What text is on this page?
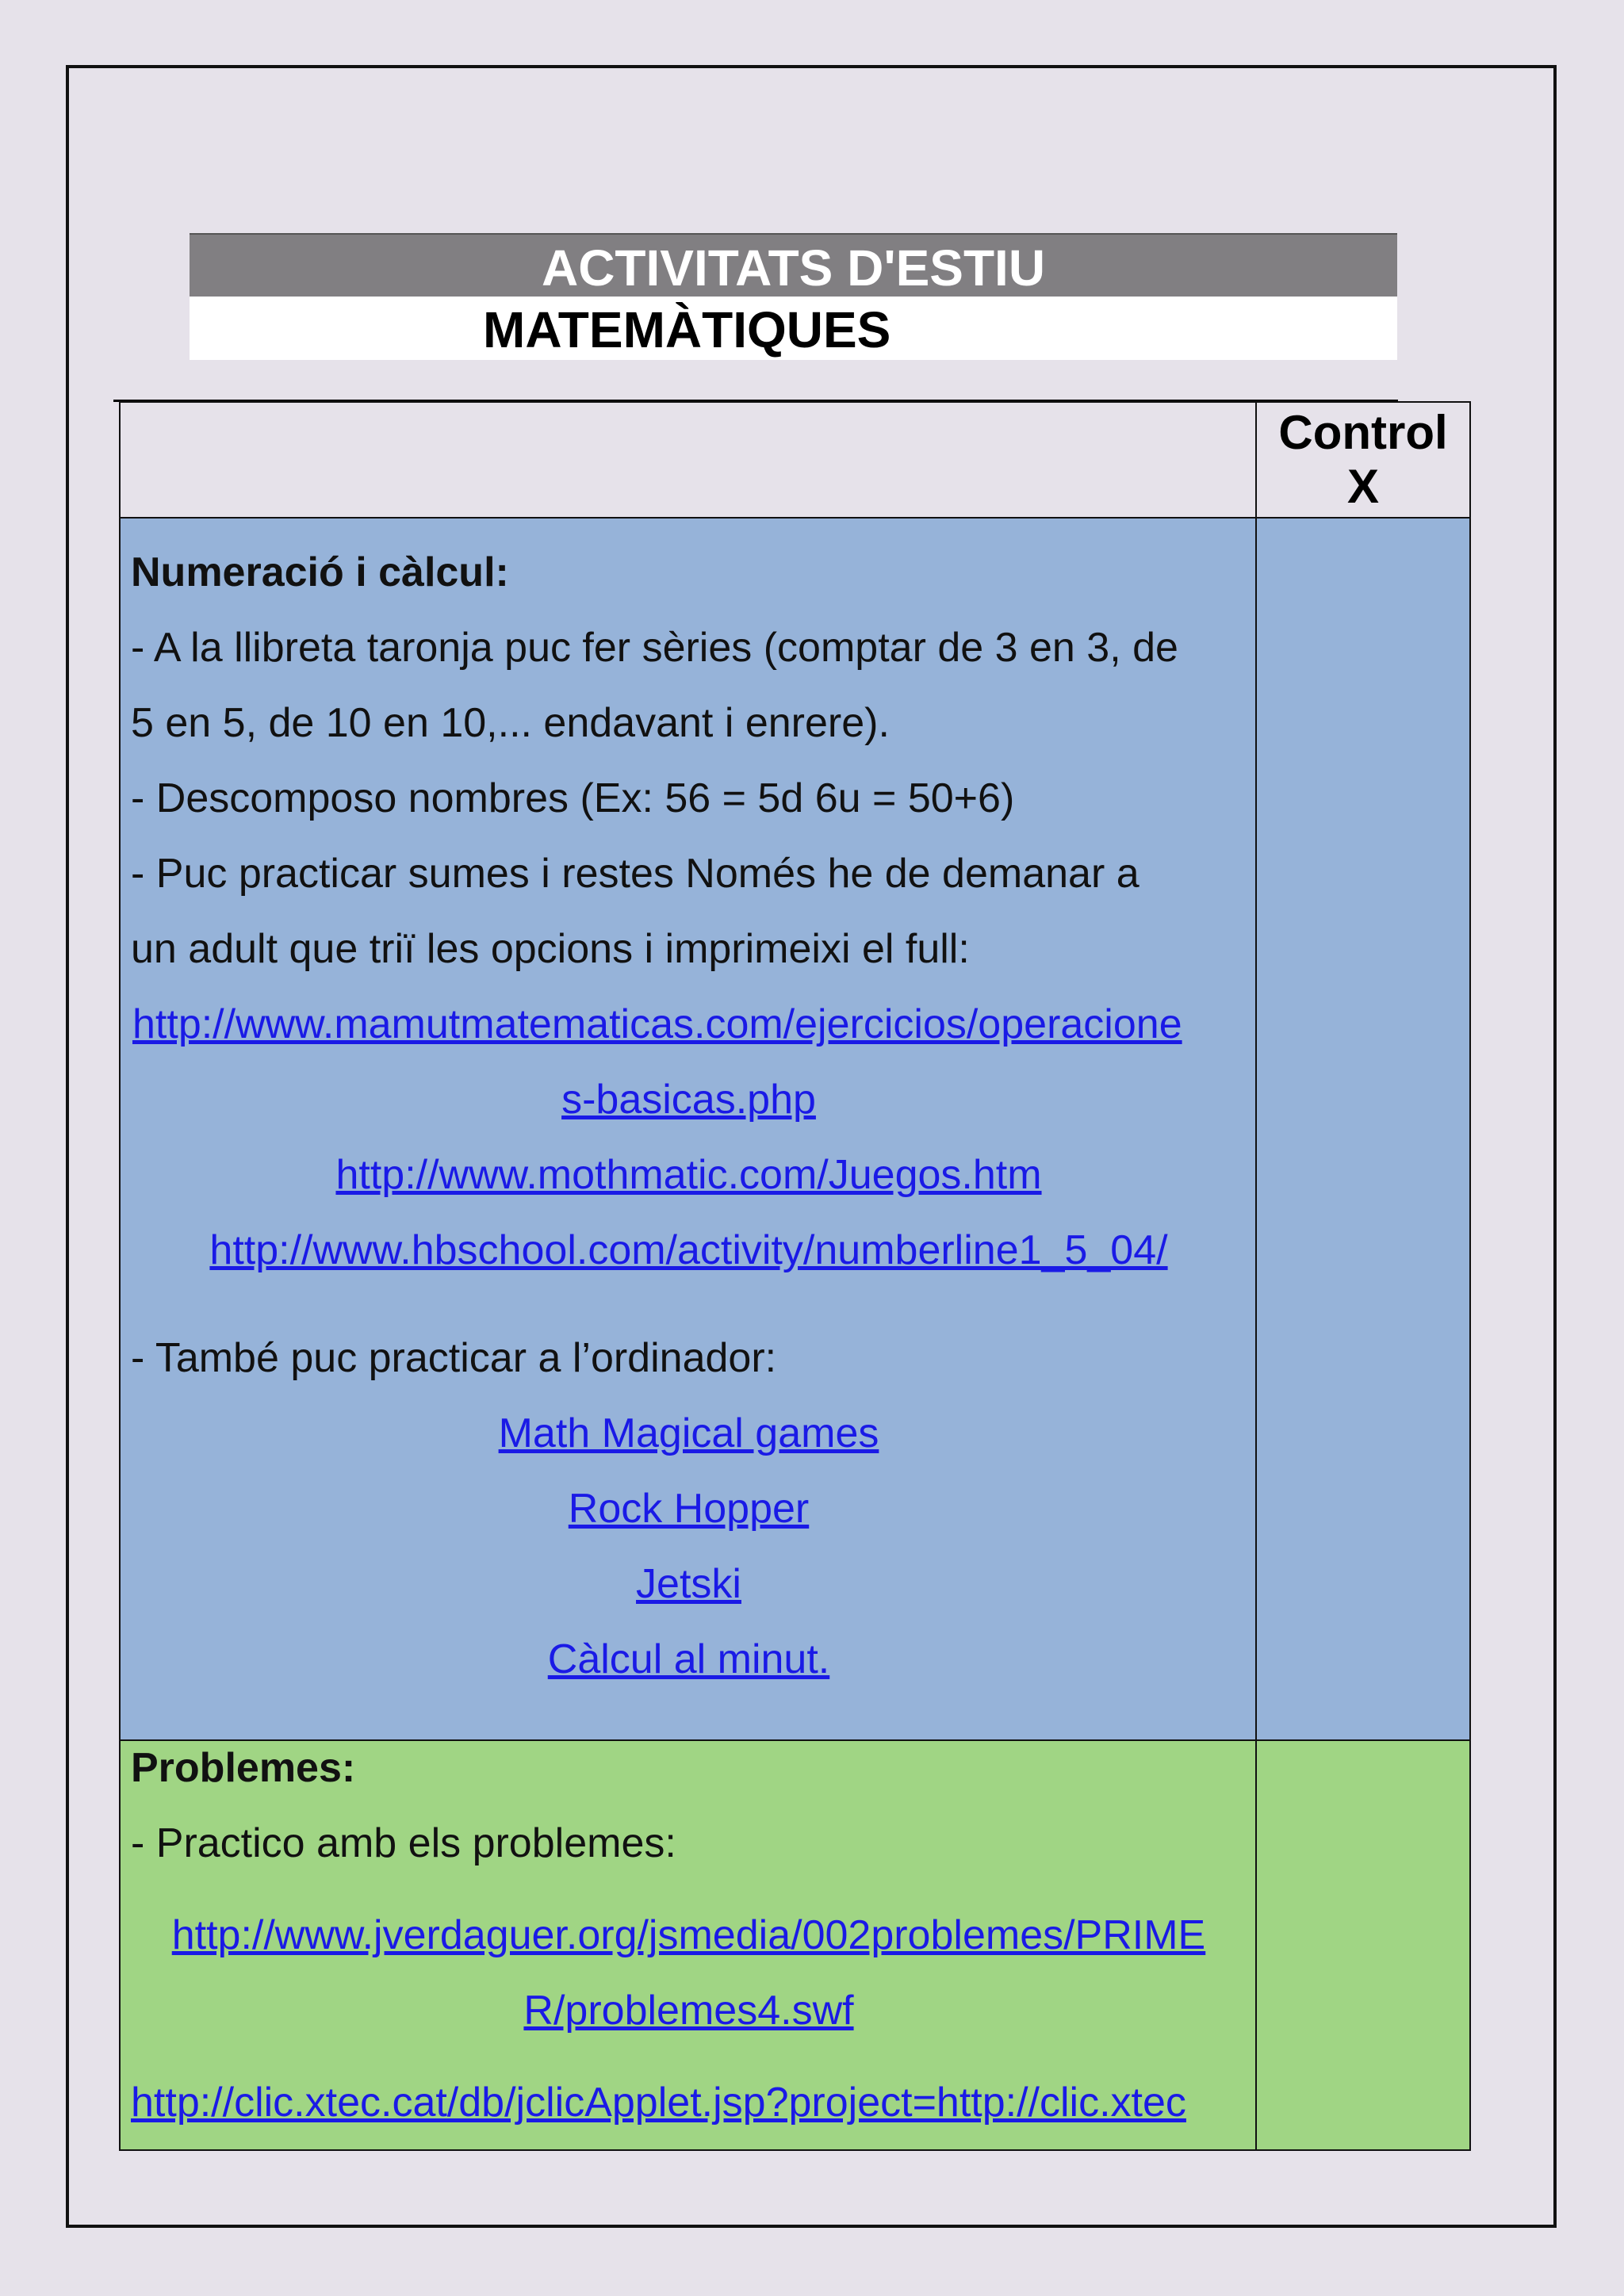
ACTIVITATS D'ESTIU
MATEMÀTIQUES
Control
X
Numeració i càlcul:
- A la llibreta taronja puc fer sèries (comptar de 3 en 3, de
5 en 5, de 10 en 10,... endavant i enrere).
- Descomposo nombres (Ex: 56 = 5d 6u = 50+6)
- Puc practicar sumes i restes Només he de demanar a
un adult que triï les opcions i imprimeixi el full:
http://www.mamutmatematicas.com/ejercicios/operacione
s-basicas.php
http://www.mothmatic.com/Juegos.htm
http://www.hbschool.com/activity/numberline1_5_04/
- També puc practicar a l’ordinador:
Math Magical games
Rock Hopper
Jetski
Càlcul al minut.
Problemes:
- Practico amb els problemes:
http://www.jverdaguer.org/jsmedia/002problemes/PRIME
R/problemes4.swf
http://clic.xtec.cat/db/jclicApplet.jsp?project=http://clic.xtec
